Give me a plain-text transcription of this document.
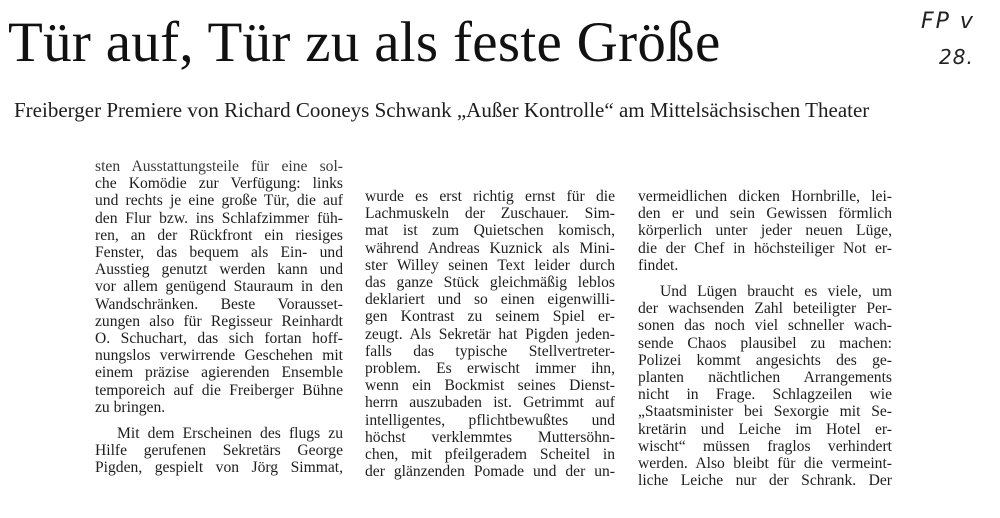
Tür auf, Tür zu als feste Größe
Freiberger Premiere von Richard Cooneys Schwank „Außer Kontrolle“ am Mittelsächsischen Theater
FP v
28.
sten Ausstattungsteile für eine sol-
che Komödie zur Verfügung: links
und rechts je eine große Tür, die auf
den Flur bzw. ins Schlafzimmer füh-
ren, an der Rückfront ein riesiges
Fenster, das bequem als Ein- und
Ausstieg genutzt werden kann und
vor allem genügend Stauraum in den
Wandschränken. Beste Vorausset-
zungen also für Regisseur Reinhardt
O. Schuchart, das sich fortan hoff-
nungslos verwirrende Geschehen mit
einem präzise agierenden Ensemble
temporeich auf die Freiberger Bühne
zu bringen.
Mit dem Erscheinen des flugs zu
Hilfe gerufenen Sekretärs George
Pigden, gespielt von Jörg Simmat,
wurde es erst richtig ernst für die
Lachmuskeln der Zuschauer. Sim-
mat ist zum Quietschen komisch,
während Andreas Kuznick als Mini-
ster Willey seinen Text leider durch
das ganze Stück gleichmäßig leblos
deklariert und so einen eigenwilli-
gen Kontrast zu seinem Spiel er-
zeugt. Als Sekretär hat Pigden jeden-
falls das typische Stellvertreter-
problem. Es erwischt immer ihn,
wenn ein Bockmist seines Dienst-
herrn auszubaden ist. Getrimmt auf
intelligentes, pflichtbewußtes und
höchst verklemmtes Muttersöhn-
chen, mit pfeilgeradem Scheitel in
der glänzenden Pomade und der un-
vermeidlichen dicken Hornbrille, lei-
den er und sein Gewissen förmlich
körperlich unter jeder neuen Lüge,
die der Chef in höchsteiliger Not er-
findet.
Und Lügen braucht es viele, um
der wachsenden Zahl beteiligter Per-
sonen das noch viel schneller wach-
sende Chaos plausibel zu machen:
Polizei kommt angesichts des ge-
planten nächtlichen Arrangements
nicht in Frage. Schlagzeilen wie
„Staatsminister bei Sexorgie mit Se-
kretärin und Leiche im Hotel er-
wischt“ müssen fraglos verhindert
werden. Also bleibt für die vermeint-
liche Leiche nur der Schrank. Der
